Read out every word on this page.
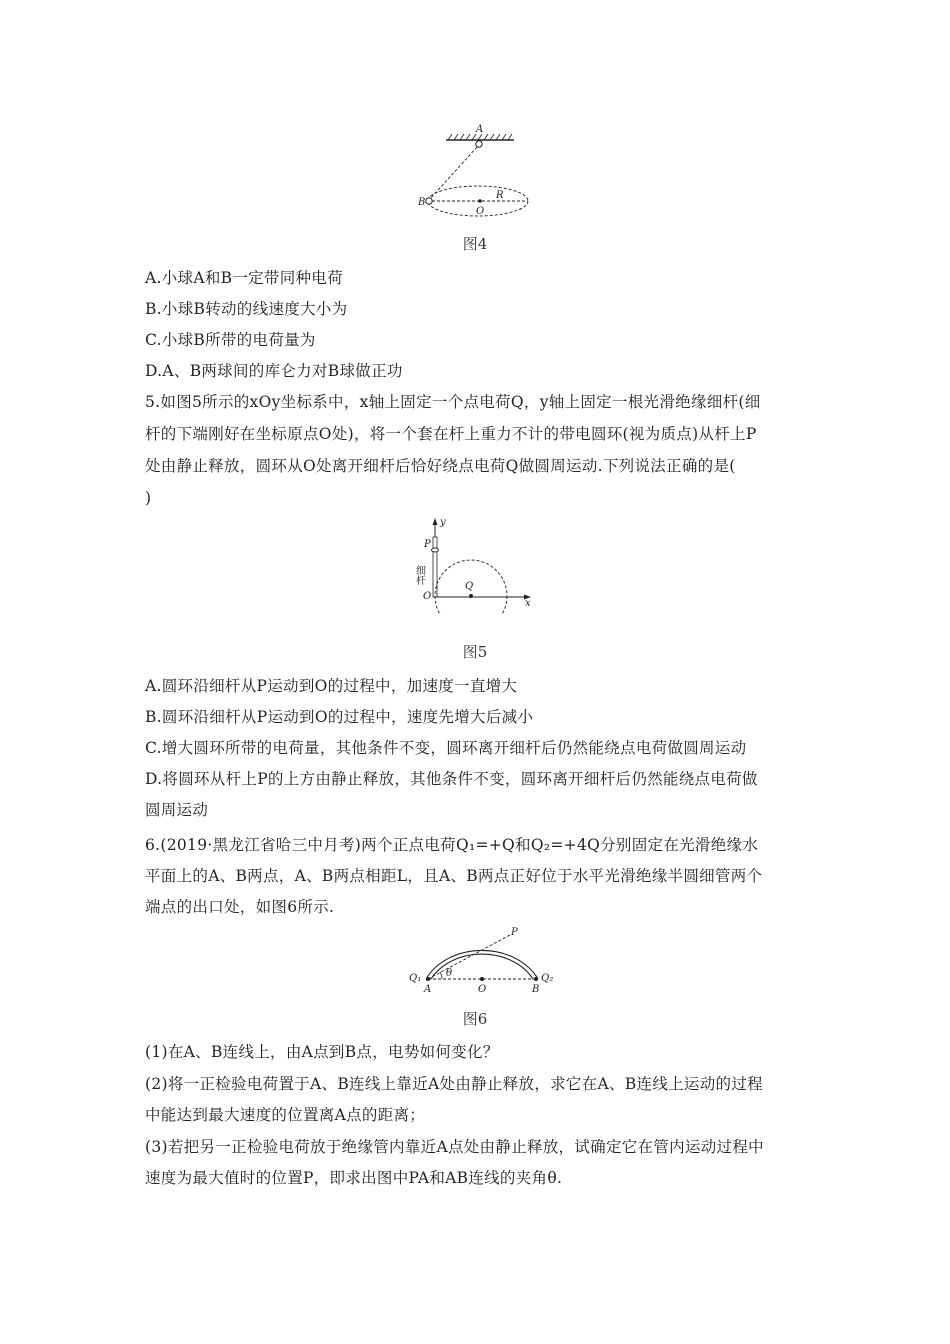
A
B
O
R
图4
A.小球A和B一定带同种电荷
B.小球B转动的线速度大小为
C.小球B所带的电荷量为
D.A、B两球间的库仑力对B球做正功
5.如图5所示的xOy坐标系中，x轴上固定一个点电荷Q，y轴上固定一根光滑绝缘细杆(细
杆的下端刚好在坐标原点O处)，将一个套在杆上重力不计的带电圆环(视为质点)从杆上P
处由静止释放，圆环从O处离开细杆后恰好绕点电荷Q做圆周运动.下列说法正确的是(
)
y
x
P
O
Q
细杆
图5
A.圆环沿细杆从P运动到O的过程中，加速度一直增大
B.圆环沿细杆从P运动到O的过程中，速度先增大后减小
C.增大圆环所带的电荷量，其他条件不变，圆环离开细杆后仍然能绕点电荷做圆周运动
D.将圆环从杆上P的上方由静止释放，其他条件不变，圆环离开细杆后仍然能绕点电荷做
圆周运动
6.(2019·黑龙江省哈三中月考)两个正点电荷Q₁=+Q和Q₂=+4Q分别固定在光滑绝缘水
平面上的A、B两点，A、B两点相距L，且A、B两点正好位于水平光滑绝缘半圆细管两个
端点的出口处，如图6所示.
Q₁	Q₂
A	O	B
P
θ
图6
(1)在A、B连线上，由A点到B点，电势如何变化？
(2)将一正检验电荷置于A、B连线上靠近A处由静止释放，求它在A、B连线上运动的过程
中能达到最大速度的位置离A点的距离；
(3)若把另一正检验电荷放于绝缘管内靠近A点处由静止释放，试确定它在管内运动过程中
速度为最大值时的位置P，即求出图中PA和AB连线的夹角θ.
